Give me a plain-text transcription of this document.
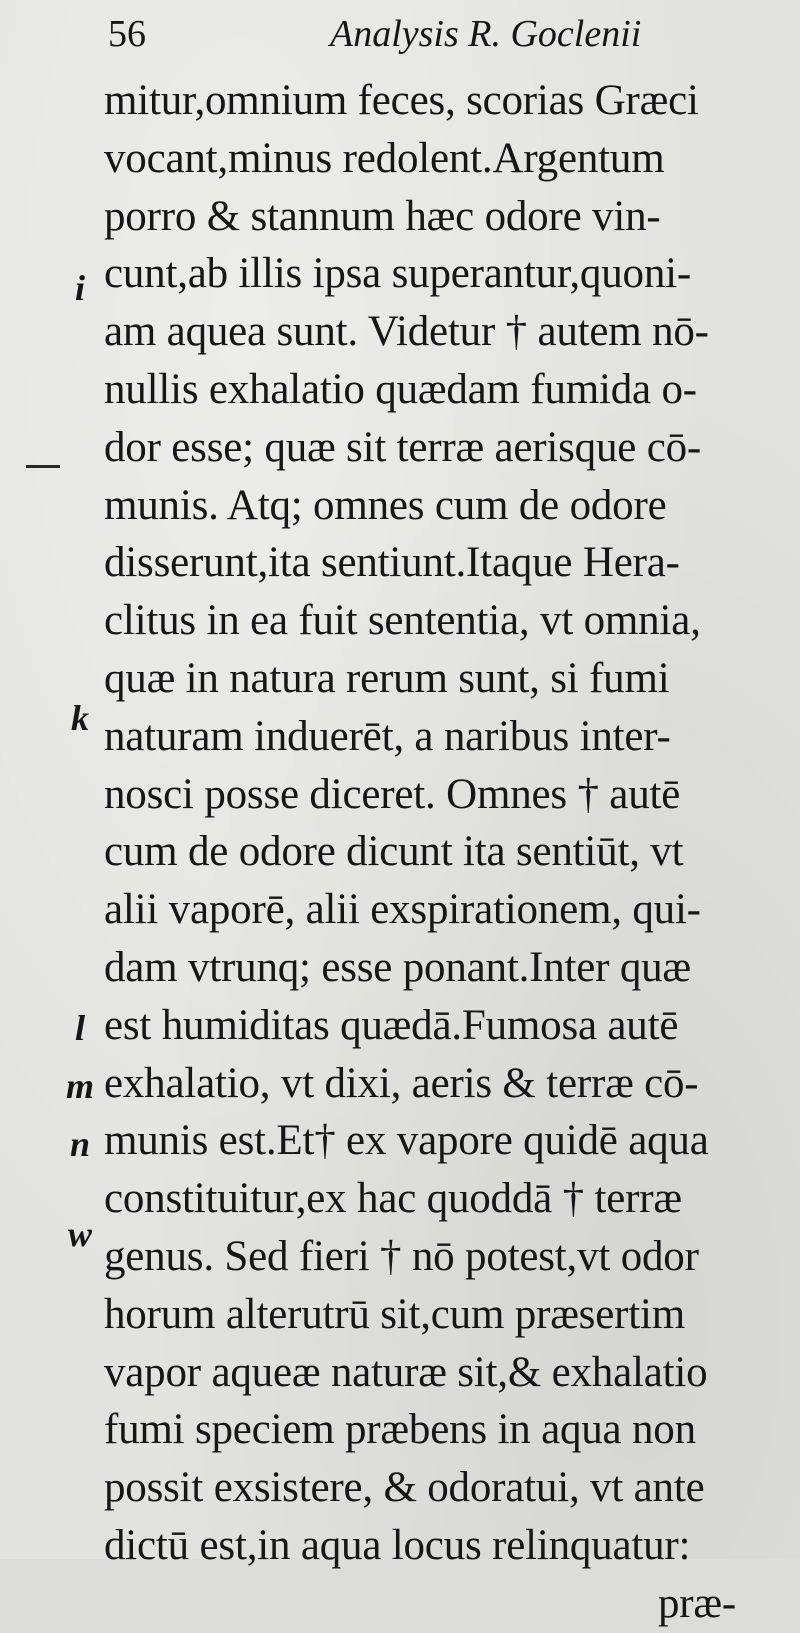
56	Analysis R. Goclenii
i
k
l
m
n
w
mitur,omnium feces, scorias Græci
vocant,minus redolent.Argentum
porro & stannum hæc odore vin-
cunt,ab illis ipsa superantur,quoni-
am aquea sunt. Videtur † autem nō-
nullis exhalatio quædam fumida o-
dor esse; quæ sit terræ aerisque cō-
munis. Atq; omnes cum de odore
disserunt,ita sentiunt.Itaque Hera-
clitus in ea fuit sententia, vt omnia,
quæ in natura rerum sunt, si fumi
naturam induerēt, a naribus inter-
nosci posse diceret. Omnes † autē
cum de odore dicunt ita sentiūt, vt
alii vaporē, alii exspirationem, qui-
dam vtrunq; esse ponant.Inter quæ
est humiditas quædā.Fumosa autē
exhalatio, vt dixi, aeris & terræ cō-
munis est.Et† ex vapore quidē aqua
constituitur,ex hac quoddā † terræ
genus. Sed fieri † nō potest,vt odor
horum alterutrū sit,cum præsertim
vapor aqueæ naturæ sit,& exhalatio
fumi speciem præbens in aqua non
possit exsistere, & odoratui, vt ante
dictū est,in aqua locus relinquatur:
præ-
